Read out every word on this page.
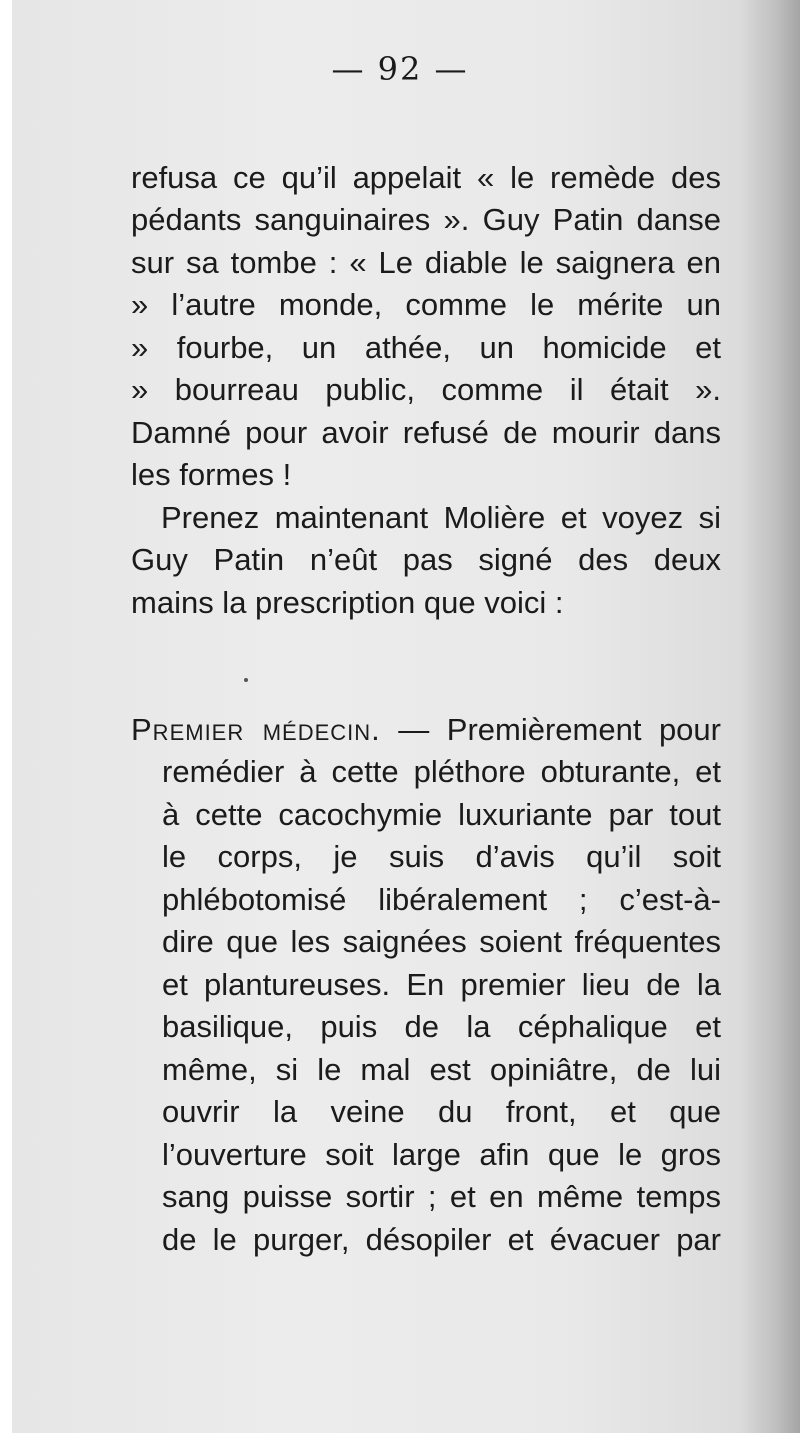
— 92 —
refusa ce qu’il appelait « le remède des
pédants sanguinaires ». Guy Patin danse
sur sa tombe : « Le diable le saignera en
» l’autre monde, comme le mérite un
» fourbe, un athée, un homicide et
» bourreau public, comme il était ».
Damné pour avoir refusé de mourir dans
les formes !
Prenez maintenant Molière et voyez si
Guy Patin n’eût pas signé des deux
mains la prescription que voici :
Premier médecin. — Premièrement pour
remédier à cette pléthore obturante, et
à cette cacochymie luxuriante par tout
le corps, je suis d’avis qu’il soit
phlébotomisé libéralement ; c’est-à-
dire que les saignées soient fréquentes
et plantureuses. En premier lieu de la
basilique, puis de la céphalique et
même, si le mal est opiniâtre, de lui
ouvrir la veine du front, et que
l’ouverture soit large afin que le gros
sang puisse sortir ; et en même temps
de le purger, désopiler et évacuer par
